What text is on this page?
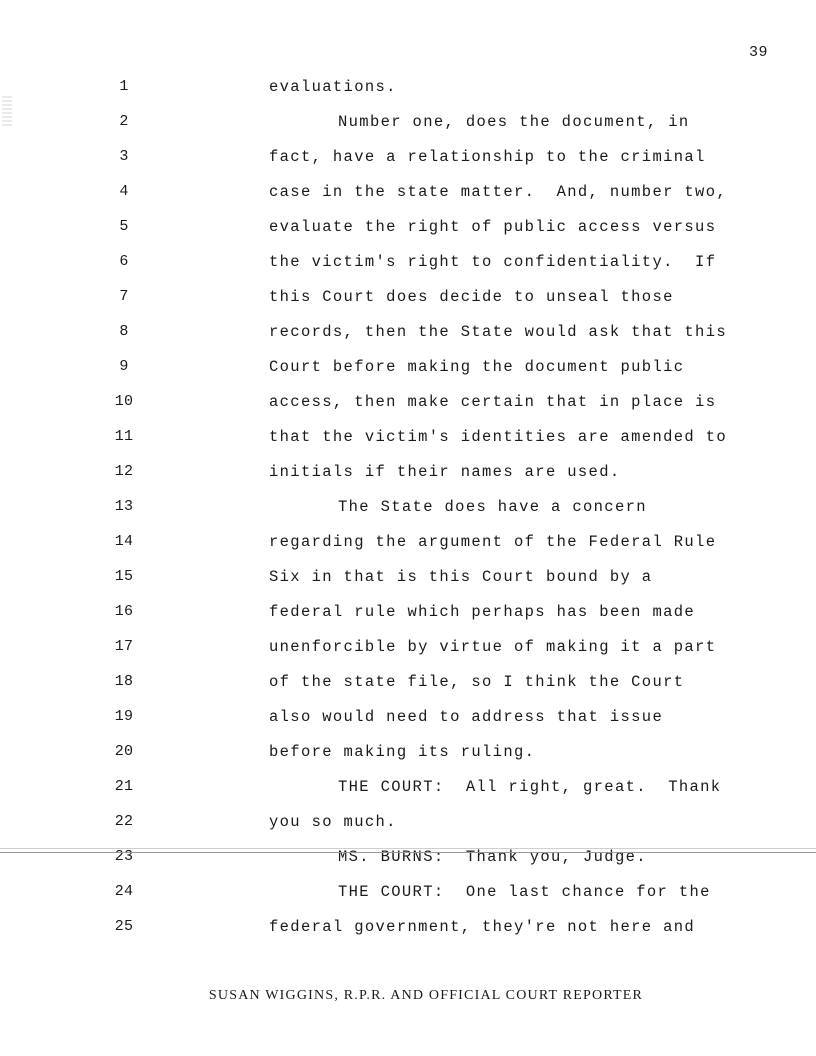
39
1	evaluations.
2	Number one, does the document, in
3	fact, have a relationship to the criminal
4	case in the state matter.  And, number two,
5	evaluate the right of public access versus
6	the victim's right to confidentiality.  If
7	this Court does decide to unseal those
8	records, then the State would ask that this
9	Court before making the document public
10	access, then make certain that in place is
11	that the victim's identities are amended to
12	initials if their names are used.
13	The State does have a concern
14	regarding the argument of the Federal Rule
15	Six in that is this Court bound by a
16	federal rule which perhaps has been made
17	unenforcible by virtue of making it a part
18	of the state file, so I think the Court
19	also would need to address that issue
20	before making its ruling.
21	THE COURT:  All right, great.  Thank
22	you so much.
23	MS. BURNS:  Thank you, Judge.
24	THE COURT:  One last chance for the
25	federal government, they're not here and
SUSAN WIGGINS, R.P.R. AND OFFICIAL COURT REPORTER
